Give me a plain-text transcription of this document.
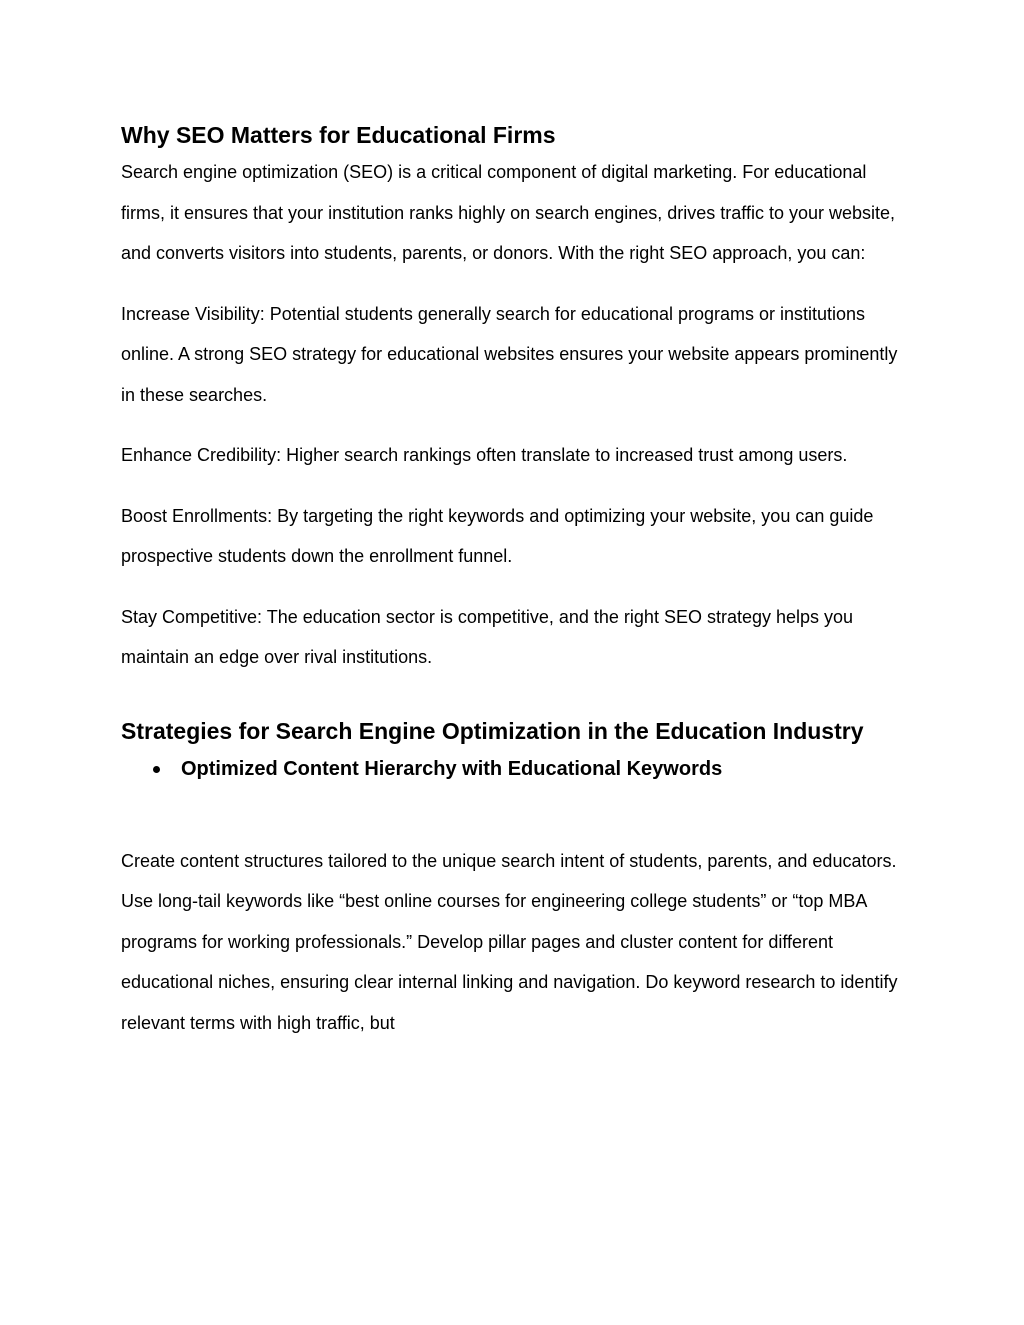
Why SEO Matters for Educational Firms

Search engine optimization (SEO) is a critical component of digital marketing. For educational firms, it ensures that your institution ranks highly on search engines, drives traffic to your website, and converts visitors into students, parents, or donors. With the right SEO approach, you can:

Increase Visibility: Potential students generally search for educational programs or institutions online. A strong SEO strategy for educational websites ensures your website appears prominently in these searches.

Enhance Credibility: Higher search rankings often translate to increased trust among users.

Boost Enrollments: By targeting the right keywords and optimizing your website, you can guide prospective students down the enrollment funnel.

Stay Competitive: The education sector is competitive, and the right SEO strategy helps you maintain an edge over rival institutions.

Strategies for Search Engine Optimization in the Education Industry
Optimized Content Hierarchy with Educational Keywords

Create content structures tailored to the unique search intent of students, parents, and educators. Use long-tail keywords like “best online courses for engineering college students” or “top MBA programs for working professionals.” Develop pillar pages and cluster content for different educational niches, ensuring clear internal linking and navigation. Do keyword research to identify relevant terms with high traffic, but
